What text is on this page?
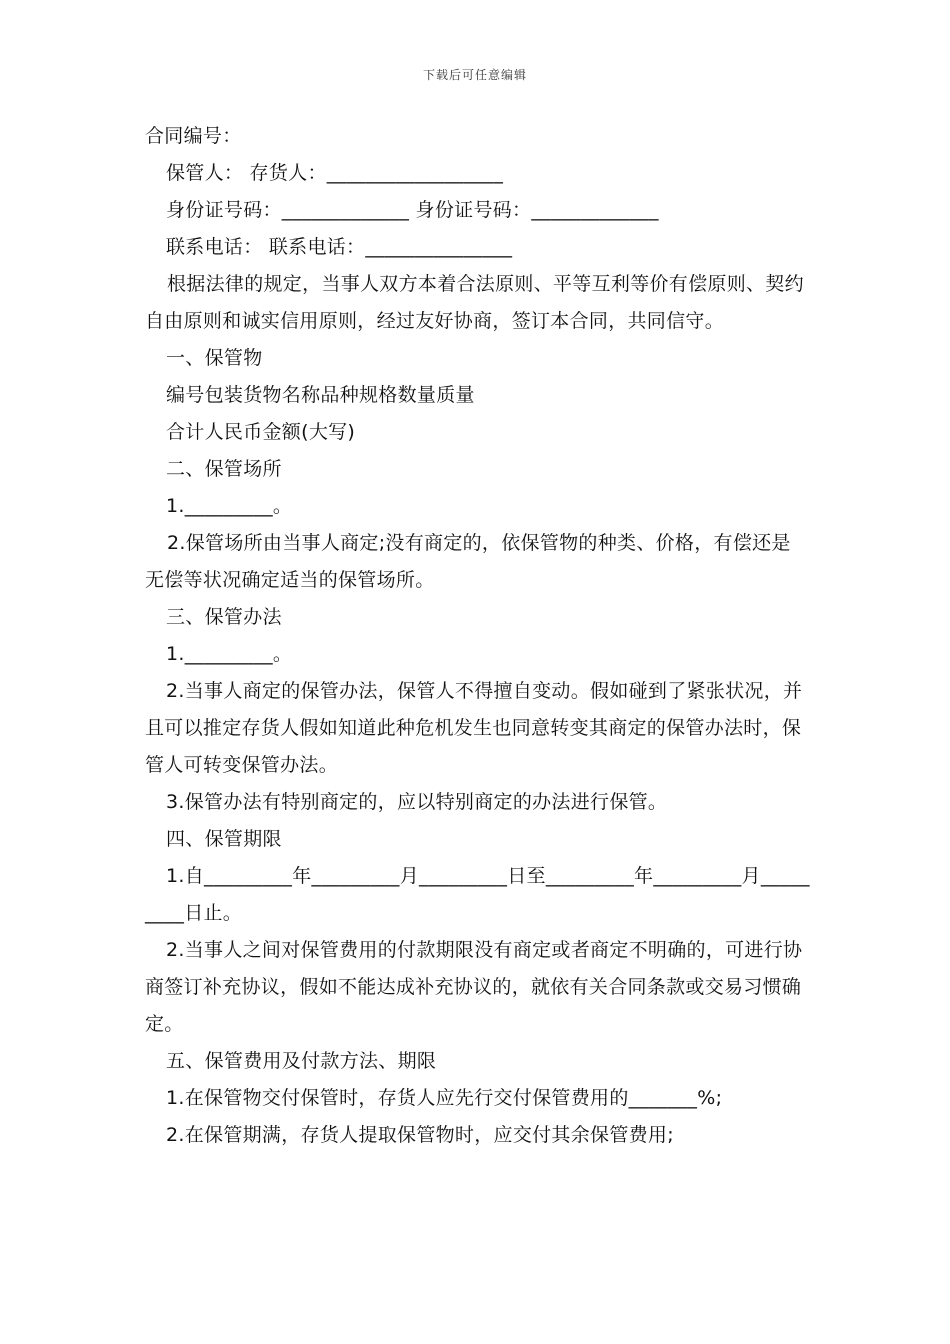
下载后可任意编辑
合同编号：
保管人： 存货人：__________________
身份证号码：_____________ 身份证号码：_____________
联系电话： 联系电话：_______________
根据法律的规定，当事人双方本着合法原则、平等互利等价有偿原则、契约自由原则和诚实信用原则，经过友好协商，签订本合同，共同信守。
一、保管物
编号包装货物名称品种规格数量质量
合计人民币金额(大写)
二、保管场所
1._________。
2.保管场所由当事人商定;没有商定的，依保管物的种类、价格，有偿还是无偿等状况确定适当的保管场所。
三、保管办法
1._________。
2.当事人商定的保管办法，保管人不得擅自变动。假如碰到了紧张状况，并且可以推定存货人假如知道此种危机发生也同意转变其商定的保管办法时，保管人可转变保管办法。
3.保管办法有特别商定的，应以特别商定的办法进行保管。
四、保管期限
1.自_________年_________月_________日至_________年_________月_________日止。
2.当事人之间对保管费用的付款期限没有商定或者商定不明确的，可进行协商签订补充协议，假如不能达成补充协议的，就依有关合同条款或交易习惯确定。
五、保管费用及付款方法、期限
1.在保管物交付保管时，存货人应先行交付保管费用的_______%;
2.在保管期满，存货人提取保管物时，应交付其余保管费用;
